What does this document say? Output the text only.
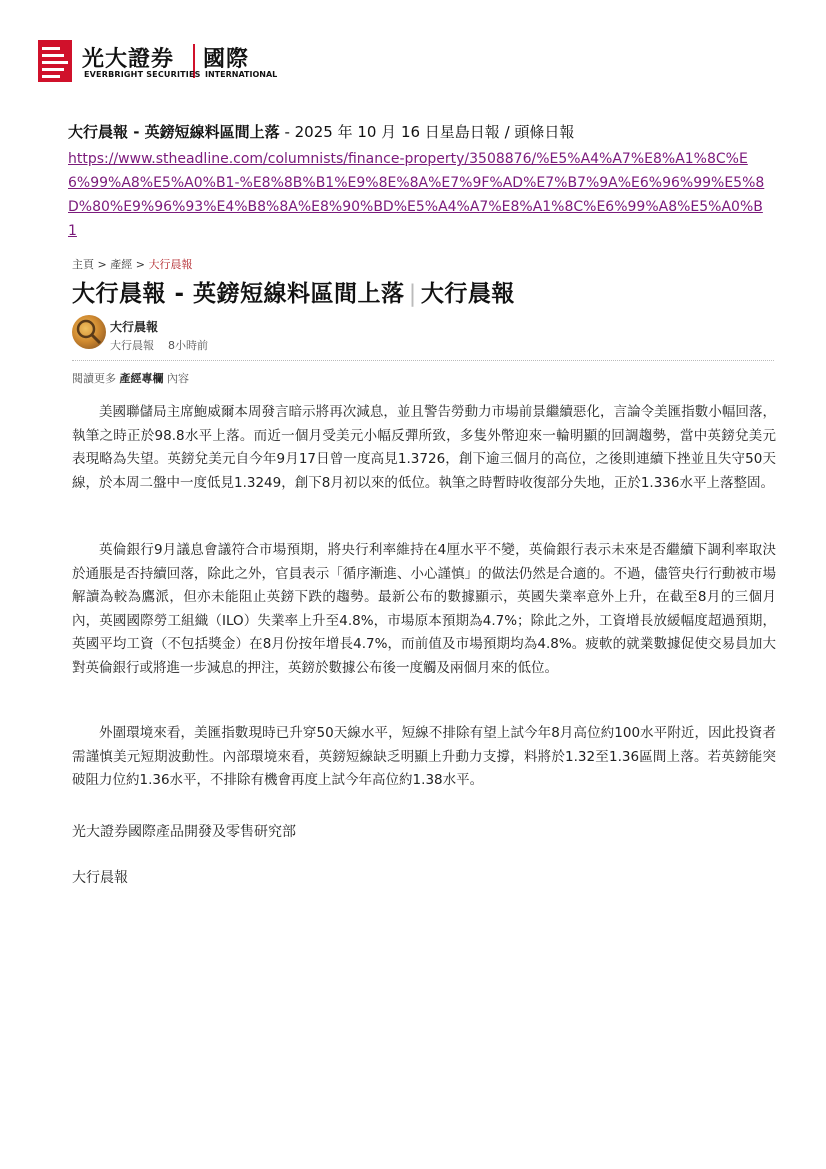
光大證券 國際
EVERBRIGHT SECURITIES INTERNATIONAL
大行晨報 - 英鎊短線料區間上落 - 2025 年 10 月 16 日星島日報 / 頭條日報
https://www.stheadline.com/columnists/finance-property/3508876/%E5%A4%A7%E8%A1%8C%E6%99%A8%E5%A0%B1-%E8%8B%B1%E9%8E%8A%E7%9F%AD%E7%B7%9A%E6%96%99%E5%8D%80%E9%96%93%E4%B8%8A%E8%90%BD%E5%A4%A7%E8%A1%8C%E6%99%A8%E5%A0%B1
主頁 > 產經 > 大行晨報
大行晨報 - 英鎊短線料區間上落 | 大行晨報
大行晨報
大行晨報 8小時前
閱讀更多 產經專欄 內容

美國聯儲局主席鮑威爾本周發言暗示將再次減息，並且警告勞動力市場前景繼續惡化，言論令美匯指數小幅回落，執筆之時正於98.8水平上落。而近一個月受美元小幅反彈所致，多隻外幣迎來一輪明顯的回調趨勢，當中英鎊兌美元表現略為失望。英鎊兌美元自今年9月17日曾一度高見1.3726，創下逾三個月的高位，之後則連續下挫並且失守50天線，於本周二盤中一度低見1.3249，創下8月初以來的低位。執筆之時暫時收復部分失地，正於1.336水平上落整固。

英倫銀行9月議息會議符合市場預期，將央行利率維持在4厘水平不變，英倫銀行表示未來是否繼續下調利率取決於通脹是否持續回落，除此之外，官員表示「循序漸進、小心謹慎」的做法仍然是合適的。不過，儘管央行行動被市場解讀為較為鷹派，但亦未能阻止英鎊下跌的趨勢。最新公布的數據顯示，英國失業率意外上升，在截至8月的三個月內，英國國際勞工組織（ILO）失業率上升至4.8%，市場原本預期為4.7%；除此之外，工資增長放緩幅度超過預期，英國平均工資（不包括獎金）在8月份按年增長4.7%，而前值及市場預期均為4.8%。疲軟的就業數據促使交易員加大對英倫銀行或將進一步減息的押注，英鎊於數據公布後一度觸及兩個月來的低位。

外圍環境來看，美匯指數現時已升穿50天線水平，短線不排除有望上試今年8月高位約100水平附近，因此投資者需謹慎美元短期波動性。內部環境來看，英鎊短線缺乏明顯上升動力支撐，料將於1.32至1.36區間上落。若英鎊能突破阻力位約1.36水平，不排除有機會再度上試今年高位約1.38水平。

光大證券國際產品開發及零售研究部
大行晨報
